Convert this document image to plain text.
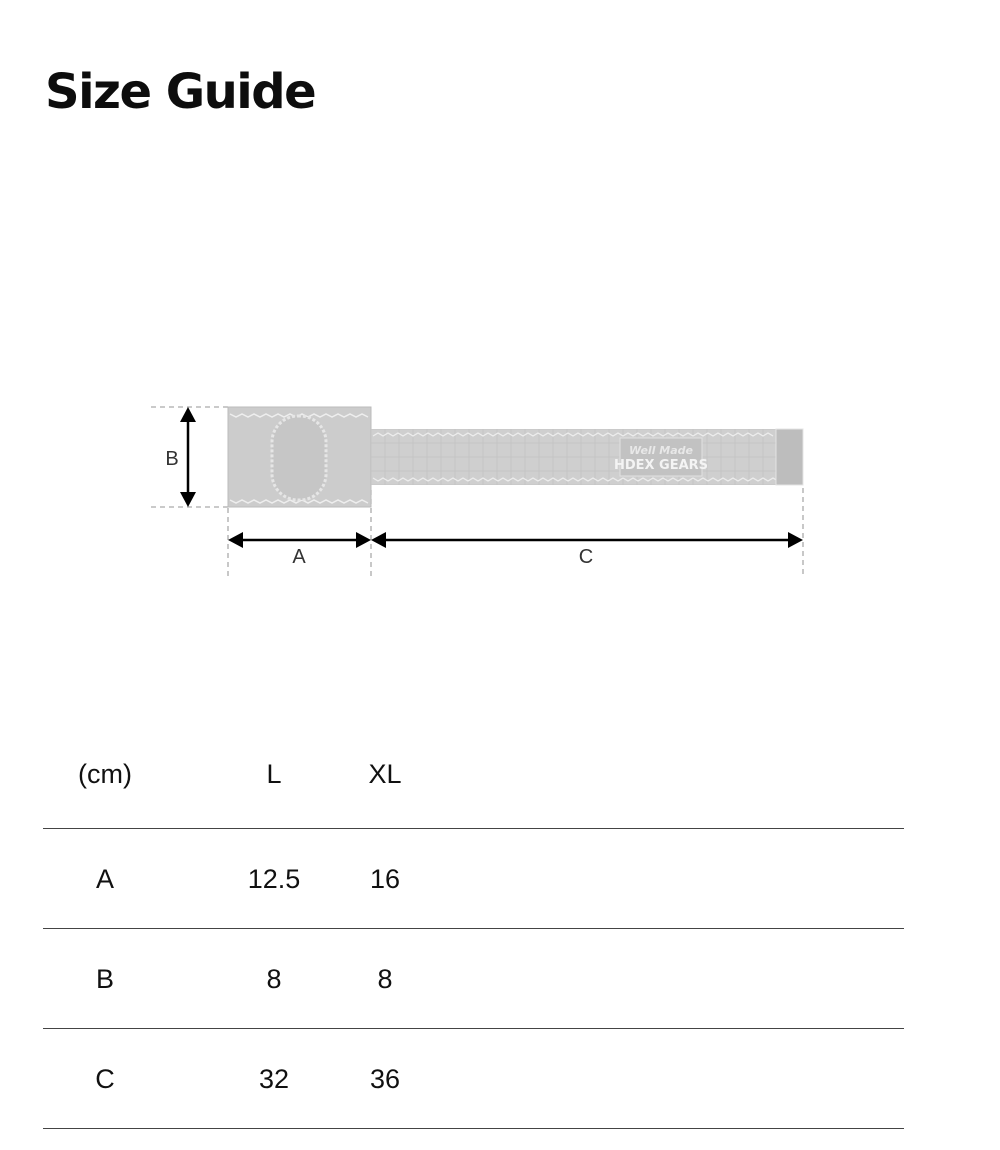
Size Guide
Well Made
HDEX GEARS
B
A	C
(cm)	L	XL
A	12.5	16
B	8	8
C	32	36
